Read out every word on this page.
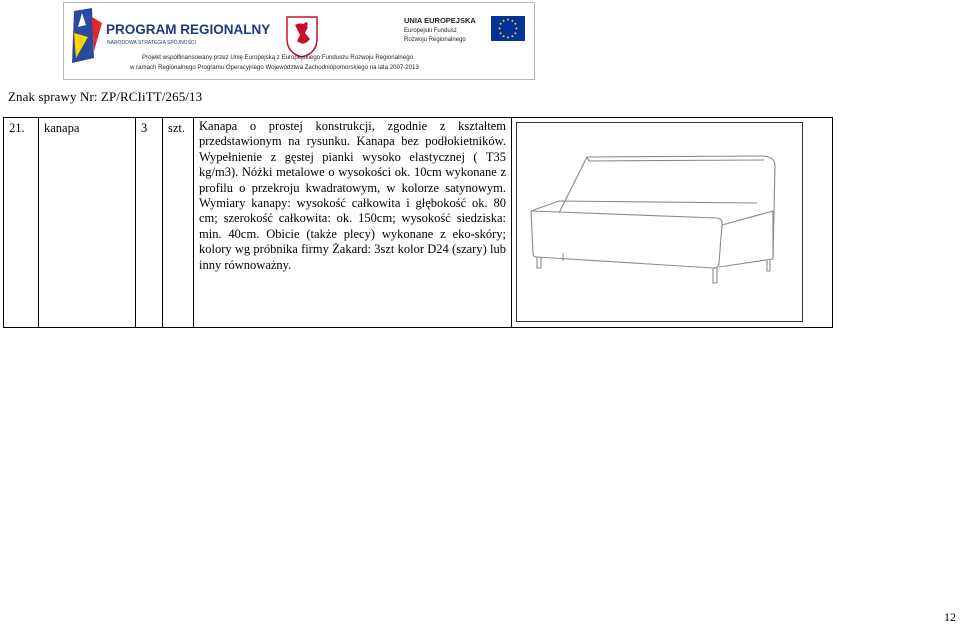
PROGRAM REGIONALNY
NARODOWA STRATEGIA SPÓJNOŚCI
UNIA EUROPEJSKA
Europejski Fundusz
Rozwoju Regionalnego
Projekt współfinansowany przez Unię Europejską z Europejskiego Funduszu Rozwoju Regionalnego
w ramach Regionalnego Programu Operacyjnego Województwa Zachodniopomorskiego na lata 2007-2013
Znak sprawy Nr: ZP/RCIiTT/265/13
21.	kanapa	3	szt.	Kanapa o prostej konstrukcji, zgodnie z kształtem przedstawionym na rysunku. Kanapa bez podłokietników. Wypełnienie z gęstej pianki wysoko elastycznej ( T35 kg/m3). Nóżki metalowe o wysokości ok. 10cm wykonane z profilu o przekroju kwadratowym, w kolorze satynowym. Wymiary kanapy: wysokość całkowita i głębokość ok. 80 cm; szerokość całkowita: ok. 150cm; wysokość siedziska: min. 40cm. Obicie (także plecy) wykonane z eko-skóry; kolory wg próbnika firmy Żakard: 3szt kolor D24 (szary) lub inny równoważny.	
12
